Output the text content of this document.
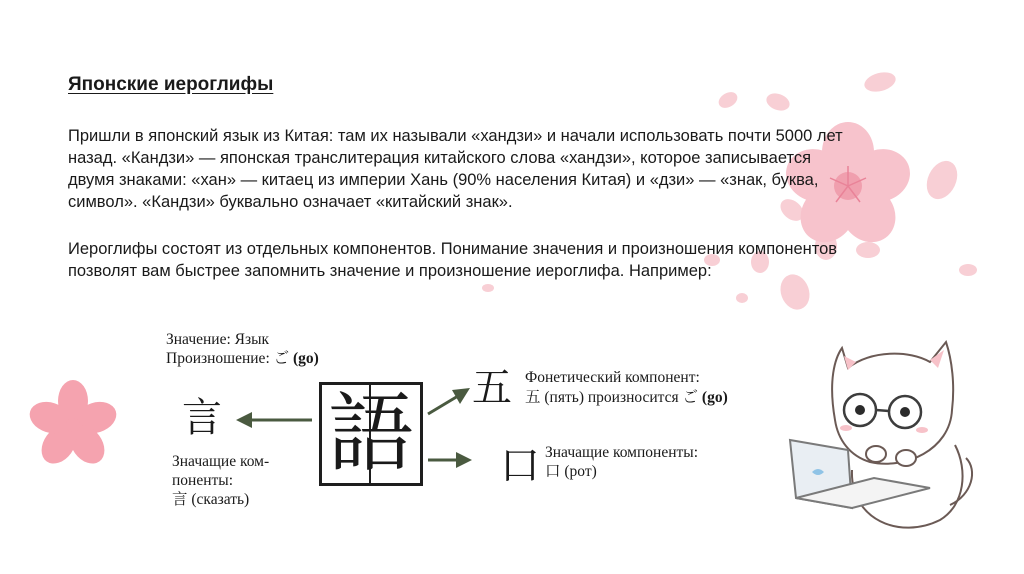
Японские иероглифы

Пришли в японский язык из Китая: там их называли «хандзи» и начали использовать почти 5000 лет назад. «Кандзи» — японская транслитерация китайского слова «хандзи», которое записывается двумя знаками: «хан» — китаец из империи Хань (90% населения Китая) и «дзи» — «знак, буква, символ». «Кандзи» буквально означает «китайский знак».

Иероглифы состоят из отдельных компонентов. Понимание значения и произношения компонентов позволят вам быстрее запомнить значение и произношение иероглифа. Например:

Значение: Язык

Произношение: ご (go)

語
言
五
口

Фонетический компонент:

五 (пять) произносится ご (go)

Значащие компоненты:

口 (рот)

Значащие ком-

поненты:

言 (сказать)
